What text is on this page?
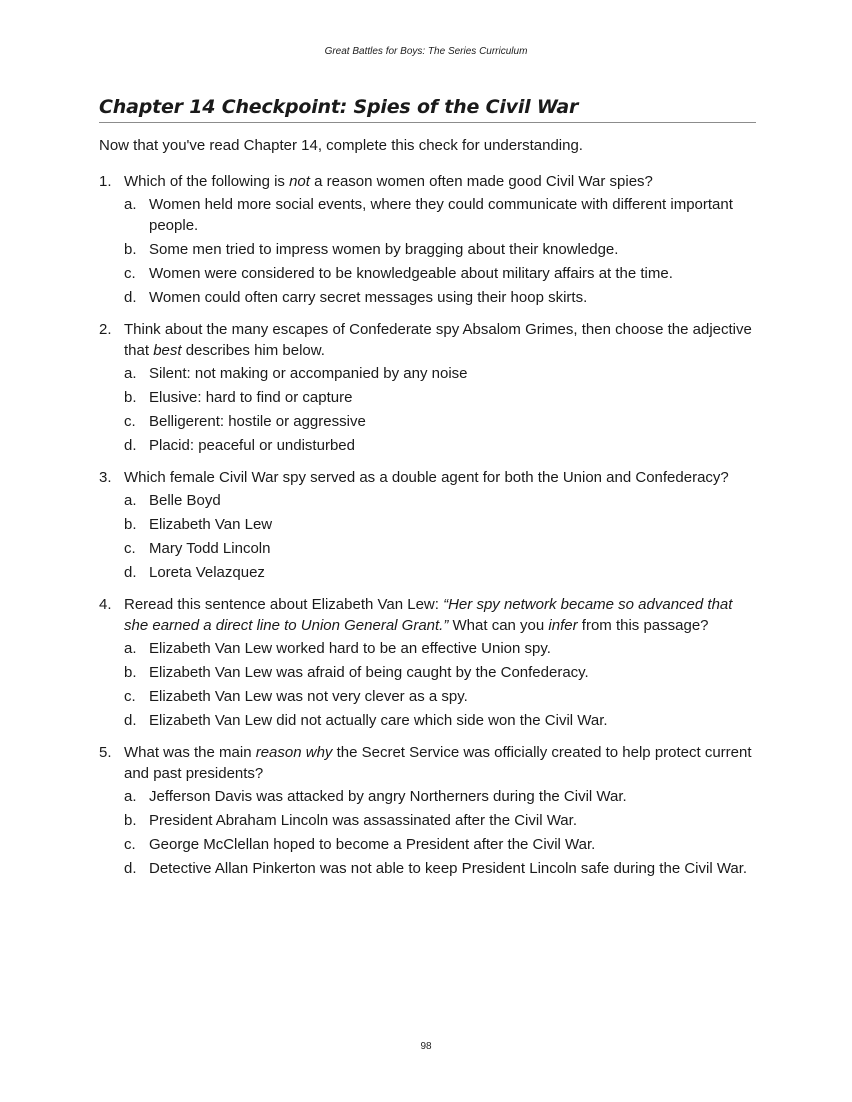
Great Battles for Boys: The Series Curriculum
Chapter 14 Checkpoint: Spies of the Civil War
Now that you've read Chapter 14, complete this check for understanding.
1. Which of the following is not a reason women often made good Civil War spies?
a. Women held more social events, where they could communicate with different important people.
b. Some men tried to impress women by bragging about their knowledge.
c. Women were considered to be knowledgeable about military affairs at the time.
d. Women could often carry secret messages using their hoop skirts.
2. Think about the many escapes of Confederate spy Absalom Grimes, then choose the adjective that best describes him below.
a. Silent: not making or accompanied by any noise
b. Elusive: hard to find or capture
c. Belligerent: hostile or aggressive
d. Placid: peaceful or undisturbed
3. Which female Civil War spy served as a double agent for both the Union and Confederacy?
a. Belle Boyd
b. Elizabeth Van Lew
c. Mary Todd Lincoln
d. Loreta Velazquez
4. Reread this sentence about Elizabeth Van Lew: “Her spy network became so advanced that she earned a direct line to Union General Grant.” What can you infer from this passage?
a. Elizabeth Van Lew worked hard to be an effective Union spy.
b. Elizabeth Van Lew was afraid of being caught by the Confederacy.
c. Elizabeth Van Lew was not very clever as a spy.
d. Elizabeth Van Lew did not actually care which side won the Civil War.
5. What was the main reason why the Secret Service was officially created to help protect current and past presidents?
a. Jefferson Davis was attacked by angry Northerners during the Civil War.
b. President Abraham Lincoln was assassinated after the Civil War.
c. George McClellan hoped to become a President after the Civil War.
d. Detective Allan Pinkerton was not able to keep President Lincoln safe during the Civil War.
98
